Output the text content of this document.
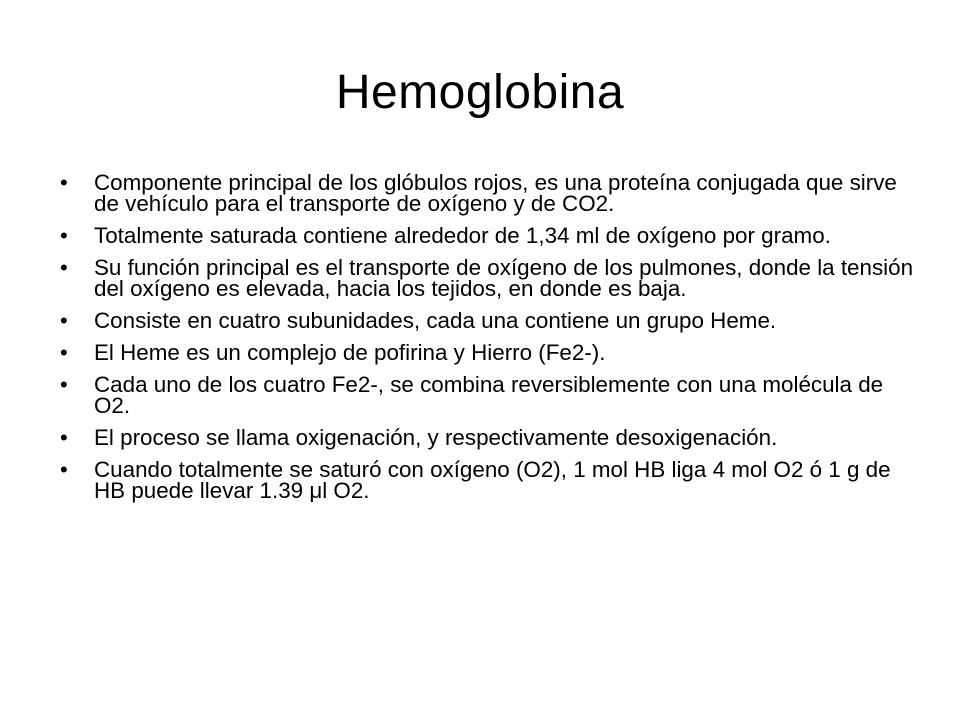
Hemoglobina
•	Componente principal de los glóbulos rojos, es una proteína conjugada que sirve de vehículo para el transporte de oxígeno y de CO2.
•	Totalmente saturada contiene alrededor de 1,34 ml de oxígeno por gramo.
•	Su función principal es el transporte de oxígeno de los pulmones, donde la tensión del oxígeno es elevada, hacia los tejidos, en donde es baja.
•	Consiste en cuatro subunidades, cada una contiene un grupo Heme.
•	El Heme es un complejo de pofirina y Hierro (Fe2-).
•	Cada uno de los cuatro Fe2-, se combina reversiblemente con una molécula de O2.
•	El proceso se llama oxigenación, y respectivamente desoxigenación.
•	Cuando totalmente se saturó con oxígeno (O2), 1 mol HB liga 4 mol O2 ó 1 g de HB puede llevar 1.39 μl O2.
